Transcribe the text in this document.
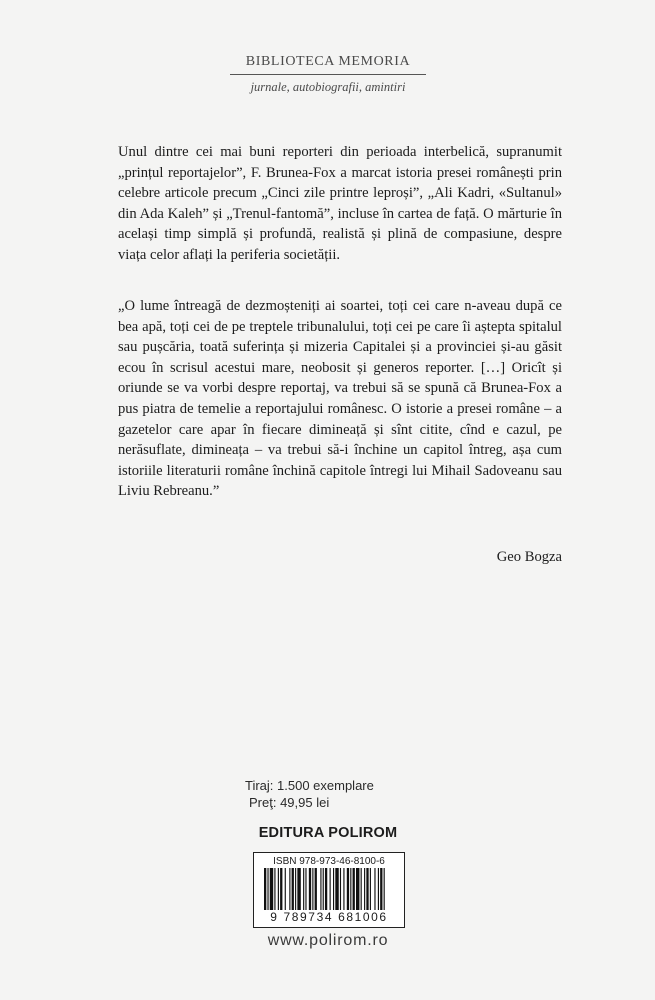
BIBLIOTECA MEMORIA
jurnale, autobiografii, amintiri

Unul dintre cei mai buni reporteri din perioada interbelică, supranumit „prințul reportajelor”, F. Brunea-Fox a marcat istoria presei românești prin celebre articole precum „Cinci zile printre leproși”, „Ali Kadri, «Sultanul» din Ada Kaleh” și „Trenul-fantomă”, incluse în cartea de față. O mărturie în același timp simplă și profundă, realistă și plină de compasiune, despre viața celor aflați la periferia societății.

„O lume întreagă de dezmoșteniți ai soartei, toți cei care n-aveau după ce bea apă, toți cei de pe treptele tribunalului, toți cei pe care îi aștepta spitalul sau pușcăria, toată suferința și mizeria Capitalei și a provinciei și-au găsit ecou în scrisul acestui mare, neobosit și generos reporter. […] Oricît și oriunde se va vorbi despre reportaj, va trebui să se spună că Brunea-Fox a pus piatra de temelie a reportajului românesc. O istorie a presei române – a gazetelor care apar în fiecare dimineață și sînt citite, cînd e cazul, pe nerăsuflate, dimineața – va trebui să-i închine un capitol întreg, așa cum istoriile literaturii române închină capitole întregi lui Mihail Sadoveanu sau Liviu Rebreanu.”

Geo Bogza
Tiraj: 1.500 exemplare
Preţ: 49,95 lei
EDITURA POLIROM
ISBN 978-973-46-8100-6
9 789734 681006
www.polirom.ro
